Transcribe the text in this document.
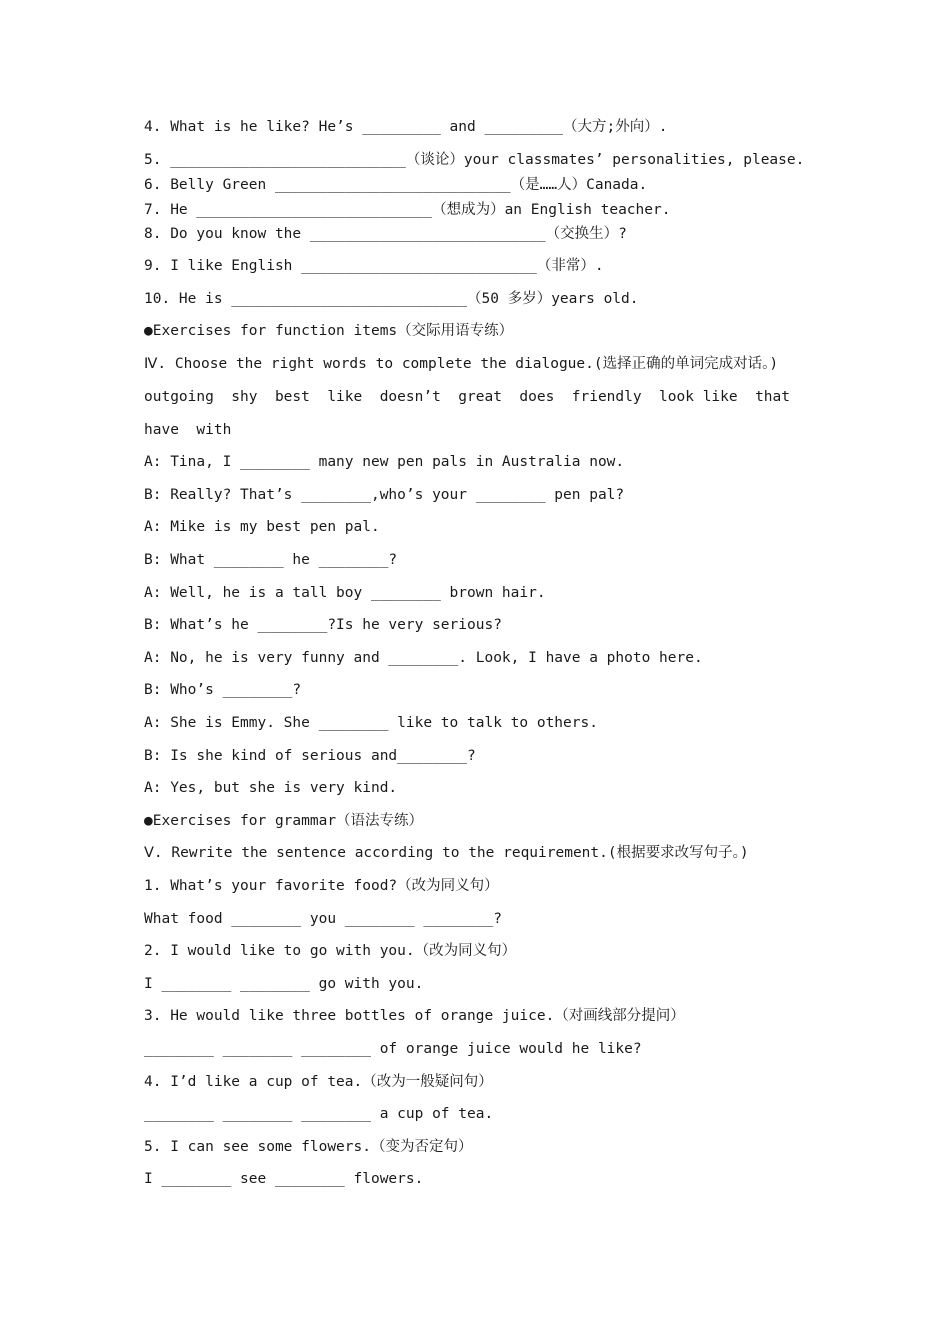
4. What is he like? He’s _________ and _________（大方;外向）.
5. ___________________________（谈论）your classmates’ personalities, please.
6. Belly Green ___________________________（是……人）Canada.
7. He ___________________________（想成为）an English teacher.
8. Do you know the ___________________________（交换生）?
9. I like English ___________________________（非常）.
10. He is ___________________________（50 多岁）years old.
●Exercises for function items（交际用语专练）
Ⅳ. Choose the right words to complete the dialogue.(选择正确的单词完成对话。)
outgoing  shy  best  like  doesn’t  great  does  friendly  look like  that
have  with
A: Tina, I ________ many new pen pals in Australia now.
B: Really? That’s ________,who’s your ________ pen pal?
A: Mike is my best pen pal.
B: What ________ he ________?
A: Well, he is a tall boy ________ brown hair.
B: What’s he ________?Is he very serious?
A: No, he is very funny and ________. Look, I have a photo here.
B: Who’s ________?
A: She is Emmy. She ________ like to talk to others.
B: Is she kind of serious and________?
A: Yes, but she is very kind.
●Exercises for grammar（语法专练）
Ⅴ. Rewrite the sentence according to the requirement.(根据要求改写句子。)
1. What’s your favorite food?（改为同义句）
What food ________ you ________ ________?
2. I would like to go with you.（改为同义句）
I ________ ________ go with you.
3. He would like three bottles of orange juice.（对画线部分提问）
________ ________ ________ of orange juice would he like?
4. I’d like a cup of tea.（改为一般疑问句）
________ ________ ________ a cup of tea.
5. I can see some flowers.（变为否定句）
I ________ see ________ flowers.
